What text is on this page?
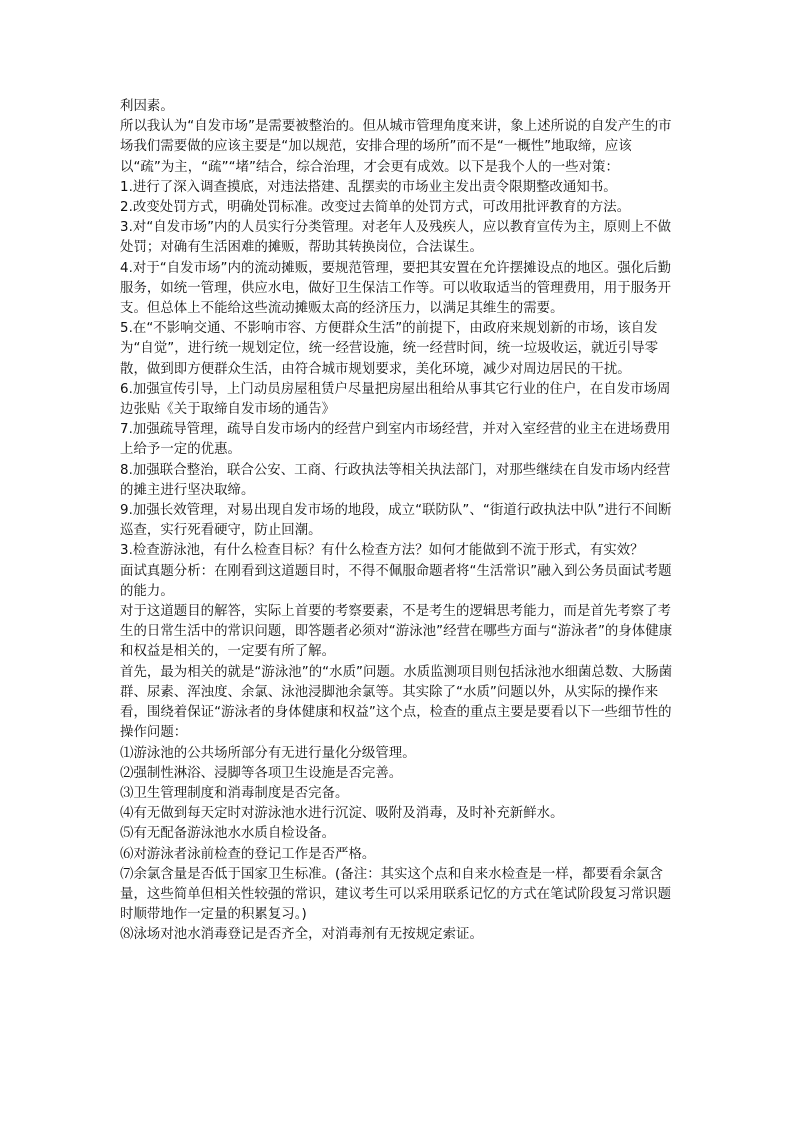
利因素。

所以我认为“自发市场”是需要被整治的。但从城市管理角度来讲，象上述所说的自发产生的市场我们需要做的应该主要是“加以规范，安排合理的场所”而不是“一概性”地取缔，应该以“疏”为主，“疏”“堵”结合，综合治理，才会更有成效。以下是我个人的一些对策：

1.进行了深入调查摸底，对违法搭建、乱摆卖的市场业主发出责令限期整改通知书。

2.改变处罚方式，明确处罚标准。改变过去简单的处罚方式，可改用批评教育的方法。

3.对“自发市场”内的人员实行分类管理。对老年人及残疾人，应以教育宣传为主，原则上不做处罚；对确有生活困难的摊贩，帮助其转换岗位，合法谋生。

4.对于“自发市场”内的流动摊贩，要规范管理，要把其安置在允许摆摊设点的地区。强化后勤服务，如统一管理，供应水电，做好卫生保洁工作等。可以收取适当的管理费用，用于服务开支。但总体上不能给这些流动摊贩太高的经济压力，以满足其维生的需要。

5.在“不影响交通、不影响市容、方便群众生活”的前提下，由政府来规划新的市场，该自发为“自觉”，进行统一规划定位，统一经营设施，统一经营时间，统一垃圾收运，就近引导零散，做到即方便群众生活，由符合城市规划要求，美化环境，减少对周边居民的干扰。

6.加强宣传引导，上门动员房屋租赁户尽量把房屋出租给从事其它行业的住户，在自发市场周边张贴《关于取缔自发市场的通告》

7.加强疏导管理，疏导自发市场内的经营户到室内市场经营，并对入室经营的业主在进场费用上给予一定的优惠。

8.加强联合整治，联合公安、工商、行政执法等相关执法部门，对那些继续在自发市场内经营的摊主进行坚决取缔。

9.加强长效管理，对易出现自发市场的地段，成立“联防队”、“街道行政执法中队”进行不间断巡查，实行死看硬守，防止回潮。

3.检查游泳池，有什么检查目标？有什么检查方法？如何才能做到不流于形式，有实效？

面试真题分析：在刚看到这道题目时，不得不佩服命题者将“生活常识”融入到公务员面试考题的能力。

对于这道题目的解答，实际上首要的考察要素，不是考生的逻辑思考能力，而是首先考察了考生的日常生活中的常识问题，即答题者必须对“游泳池”经营在哪些方面与“游泳者”的身体健康和权益是相关的，一定要有所了解。

首先，最为相关的就是“游泳池”的“水质”问题。水质监测项目则包括泳池水细菌总数、大肠菌群、尿素、浑浊度、余氯、泳池浸脚池余氯等。其实除了“水质”问题以外，从实际的操作来看，围绕着保证“游泳者的身体健康和权益”这个点，检查的重点主要是要看以下一些细节性的操作问题：

⑴游泳池的公共场所部分有无进行量化分级管理。

⑵强制性淋浴、浸脚等各项卫生设施是否完善。

⑶卫生管理制度和消毒制度是否完备。

⑷有无做到每天定时对游泳池水进行沉淀、吸附及消毒，及时补充新鲜水。

⑸有无配备游泳池水水质自检设备。

⑹对游泳者泳前检查的登记工作是否严格。

⑺余氯含量是否低于国家卫生标准。(备注：其实这个点和自来水检查是一样，都要看余氯含量，这些简单但相关性较强的常识，建议考生可以采用联系记忆的方式在笔试阶段复习常识题时顺带地作一定量的积累复习。)

⑻泳场对池水消毒登记是否齐全，对消毒剂有无按规定索证。
